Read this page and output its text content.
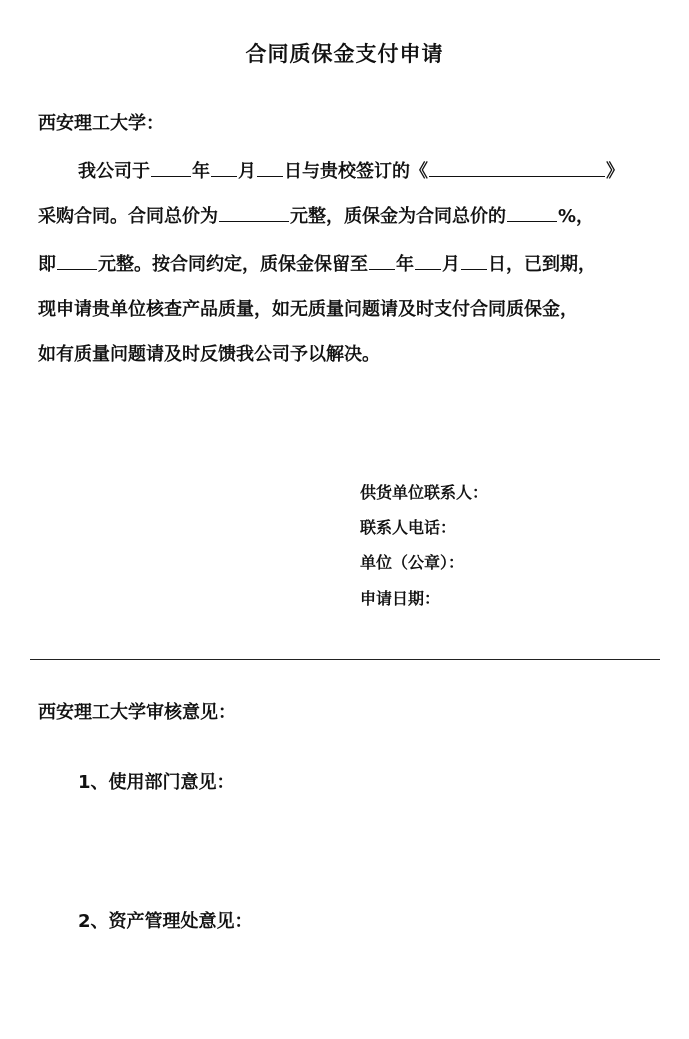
合同质保金支付申请
西安理工大学：
我公司于 年 月 日与贵校签订的《	》
采购合同。合同总价为	元整，质保金为合同总价的	%，
即 元整。按合同约定，质保金保留至 年 月 日，已到期，
现申请贵单位核查产品质量，如无质量问题请及时支付合同质保金，
如有质量问题请及时反馈我公司予以解决。
供货单位联系人：
联系人电话：
单位（公章）：
申请日期：
西安理工大学审核意见：
1、使用部门意见：
2、资产管理处意见：
